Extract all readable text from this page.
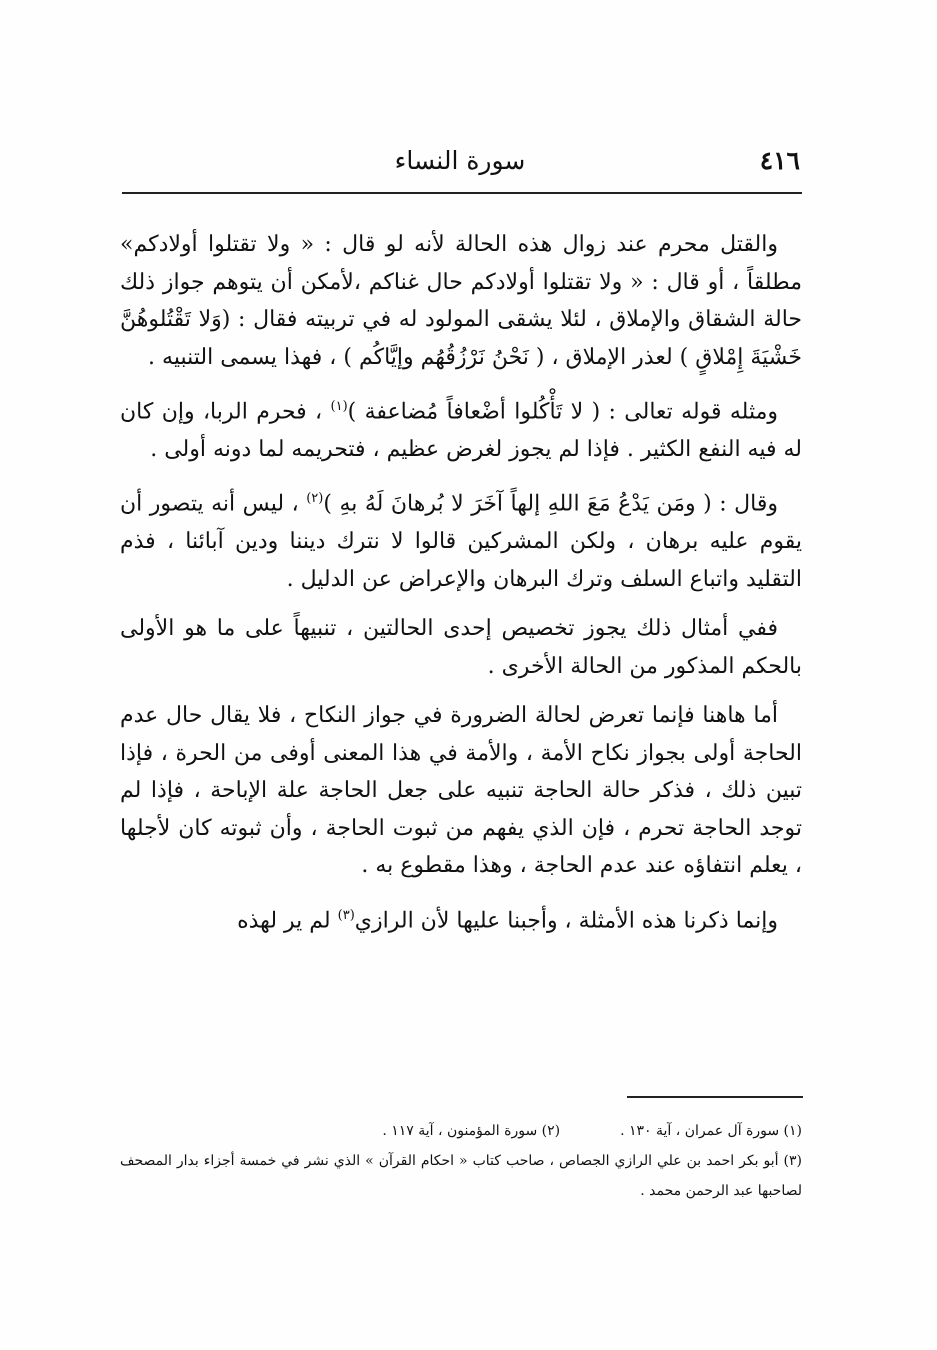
٤١٦
سورة النساء

والقتل محرم عند زوال هذه الحالة لأنه لو قال : « ولا تقتلوا أولادكم» مطلقاً ، أو قال : « ولا تقتلوا أولادكم حال غناكم ،لأمكن أن يتوهم جواز ذلك حالة الشقاق والإملاق ، لئلا يشقى المولود له في تربيته فقال : (وَلا تَقْتُلوهُنَّ خَشْيَةَ إِمْلاقٍ ) لعذر الإملاق ، ( نَحْنُ نَرْزُقُهُم وإيَّاكُم ) ، فهذا يسمى التنبيه .

ومثله قوله تعالى : ( لا تَأْكُلوا أضْعافاً مُضاعفة )$^{(١)}$ ، فحرم الربا، وإن كان له فيه النفع الكثير . فإذا لم يجوز لغرض عظيم ، فتحريمه لما دونه أولى .

وقال : ( ومَن يَدْعُ مَعَ اللهِ إلهاً آخَرَ لا بُرهانَ لَهُ بهِ )$^{(٢)}$ ، ليس أنه يتصور أن يقوم عليه برهان ، ولكن المشركين قالوا لا نترك ديننا ودين آبائنا ، فذم التقليد واتباع السلف وترك البرهان والإعراض عن الدليل .

ففي أمثال ذلك يجوز تخصيص إحدى الحالتين ، تنبيهاً على ما هو الأولى بالحكم المذكور من الحالة الأخرى .

أما هاهنا فإنما تعرض لحالة الضرورة في جواز النكاح ، فلا يقال حال عدم الحاجة أولى بجواز نكاح الأمة ، والأمة في هذا المعنى أوفى من الحرة ، فإذا تبين ذلك ، فذكر حالة الحاجة تنبيه على جعل الحاجة علة الإباحة ، فإذا لم توجد الحاجة تحرم ، فإن الذي يفهم من ثبوت الحاجة ، وأن ثبوته كان لأجلها ، يعلم انتفاؤه عند عدم الحاجة ، وهذا مقطوع به .

وإنما ذكرنا هذه الأمثلة ، وأجبنا عليها لأن الرازي$^{(٣)}$ لم ير لهذه

(١) سورة آل عمران ، آية ١٣٠ .
(٢) سورة المؤمنون ، آية ١١٧ .
(٣) أبو بكر احمد بن علي الرازي الجصاص ، صاحب كتاب « احكام القرآن » الذي نشر في خمسة أجزاء بدار المصحف لصاحبها عبد الرحمن محمد .
